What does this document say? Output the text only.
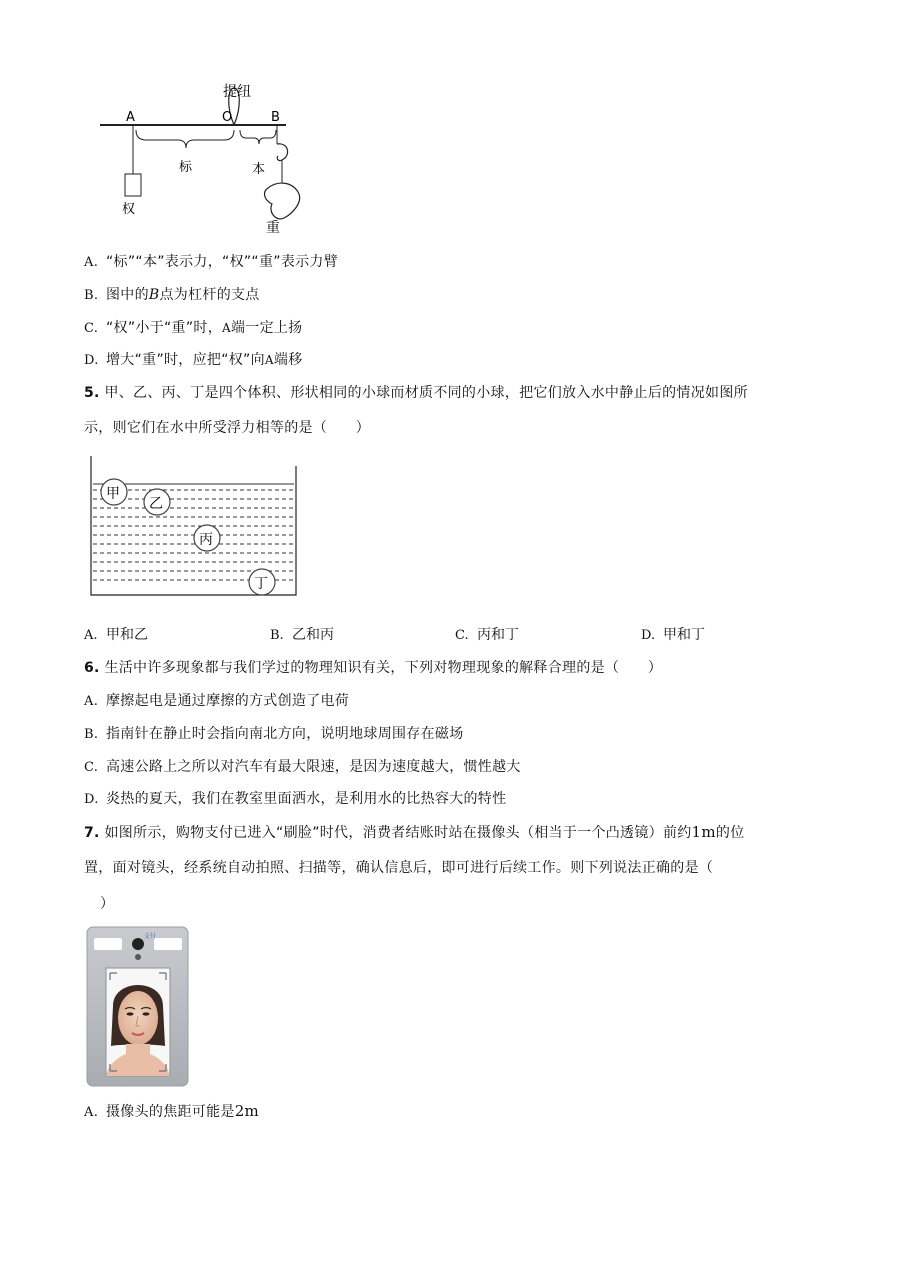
提纽
A	O	B
标	本
权
重
A. “标”“本”表示力，“权”“重”表示力臂
B. 图中的B点为杠杆的支点
C. “权”小于“重”时，A端一定上扬
D. 增大“重”时，应把“权”向A端移
5. 甲、乙、丙、丁是四个体积、形状相同的小球而材质不同的小球，把它们放入水中静止后的情况如图所
示，则它们在水中所受浮力相等的是（　　）
甲
乙
丙
丁
A. 甲和乙	B. 乙和丙	C. 丙和丁	D. 甲和丁
6. 生活中许多现象都与我们学过的物理知识有关，下列对物理现象的解释合理的是（　　）
A. 摩擦起电是通过摩擦的方式创造了电荷
B. 指南针在静止时会指向南北方向，说明地球周围存在磁场
C. 高速公路上之所以对汽车有最大限速，是因为速度越大，惯性越大
D. 炎热的夏天，我们在教室里面洒水，是利用水的比热容大的特性
7. 如图所示，购物支付已进入“刷脸”时代，消费者结账时站在摄像头（相当于一个凸透镜）前约1m的位
置，面对镜头，经系统自动拍照、扫描等，确认信息后，即可进行后续工作。则下列说法正确的是（
）
支付
A. 摄像头的焦距可能是2m
